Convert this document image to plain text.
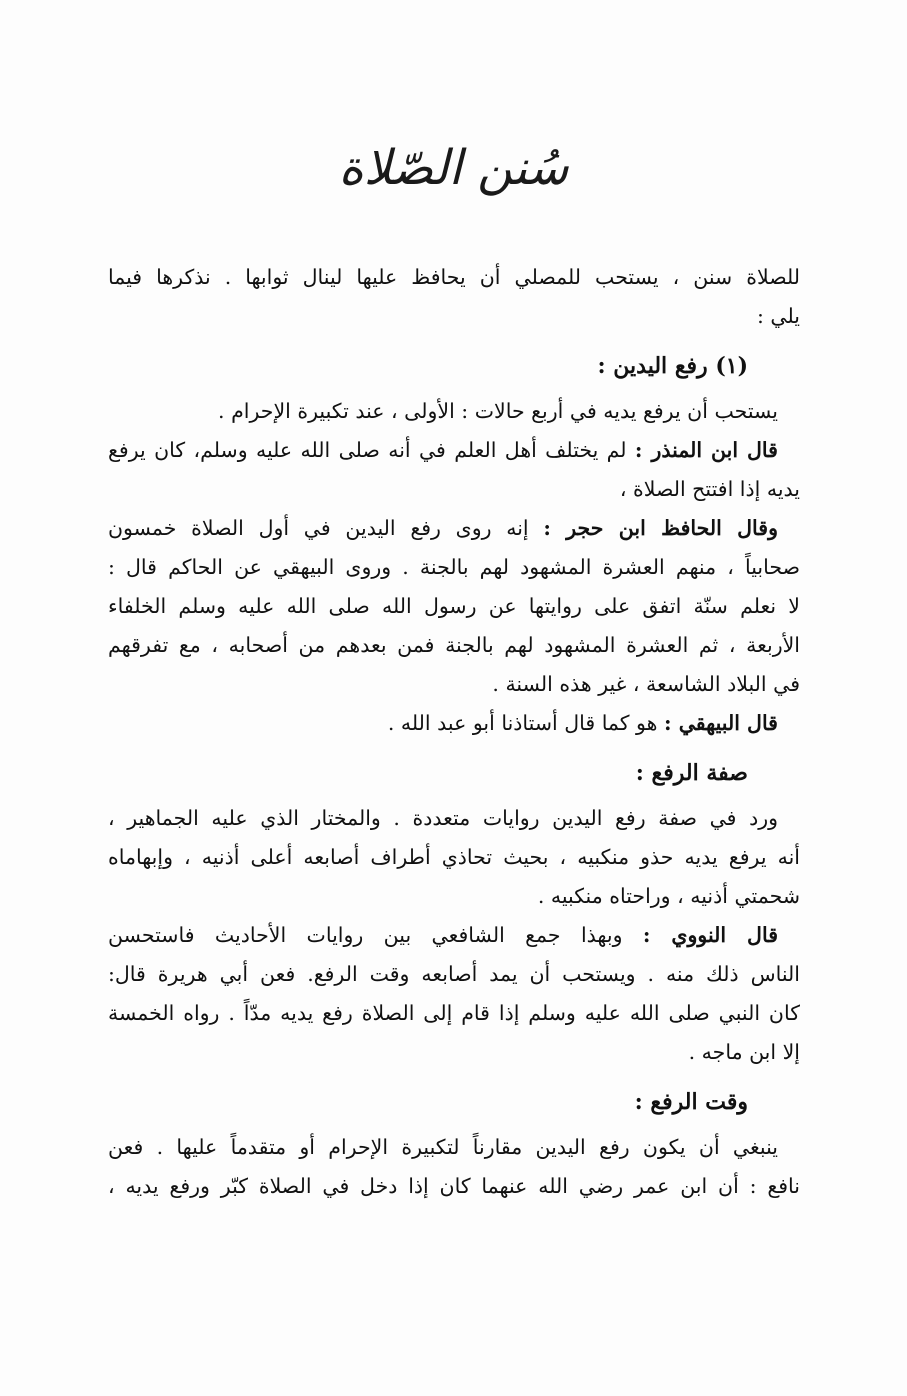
سُنن الصّلاة
للصلاة سنن ، يستحب للمصلي أن يحافظ عليها لينال ثوابها . نذكرها فيما
يلي :
(١) رفع اليدين :
يستحب أن يرفع يديه في أربع حالات : الأولى ، عند تكبيرة الإحرام .
قال ابن المنذر : لم يختلف أهل العلم في أنه صلى الله عليه وسلم، كان يرفع
يديه إذا افتتح الصلاة ،
وقال الحافظ ابن حجر : إنه روى رفع اليدين في أول الصلاة خمسون
صحابياً ، منهم العشرة المشهود لهم بالجنة . وروى البيهقي عن الحاكم قال :
لا نعلم سنّة اتفق على روايتها عن رسول الله صلى الله عليه وسلم الخلفاء
الأربعة ، ثم العشرة المشهود لهم بالجنة فمن بعدهم من أصحابه ، مع تفرقهم
في البلاد الشاسعة ، غير هذه السنة .
قال البيهقي : هو كما قال أستاذنا أبو عبد الله .
صفة الرفع :
ورد في صفة رفع اليدين روايات متعددة . والمختار الذي عليه الجماهير ،
أنه يرفع يديه حذو منكبيه ، بحيث تحاذي أطراف أصابعه أعلى أذنيه ، وإبهاماه
شحمتي أذنيه ، وراحتاه منكبيه .
قال النووي : وبهذا جمع الشافعي بين روايات الأحاديث فاستحسن
الناس ذلك منه . ويستحب أن يمد أصابعه وقت الرفع. فعن أبي هريرة قال:
كان النبي صلى الله عليه وسلم إذا قام إلى الصلاة رفع يديه مدّاً . رواه الخمسة
إلا ابن ماجه .
وقت الرفع :
ينبغي أن يكون رفع اليدين مقارناً لتكبيرة الإحرام أو متقدماً عليها . فعن
نافع : أن ابن عمر رضي الله عنهما كان إذا دخل في الصلاة كبّر ورفع يديه ،
